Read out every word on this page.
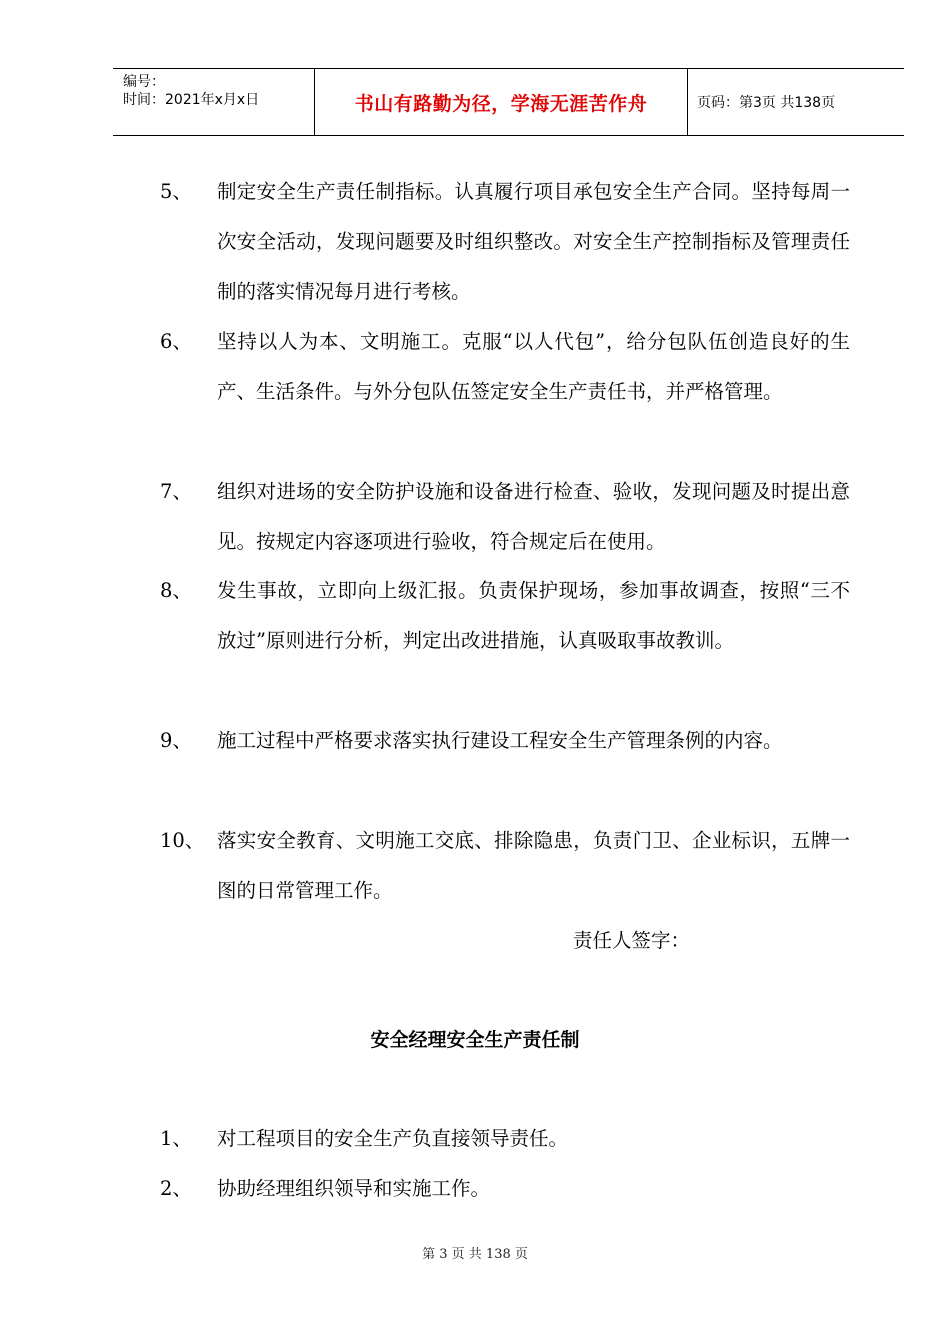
编号：
时间：2021年x月x日	书山有路勤为径，学海无涯苦作舟	页码：第3页 共138页
5、 制定安全生产责任制指标。认真履行项目承包安全生产合同。坚持每周一次安全活动，发现问题要及时组织整改。对安全生产控制指标及管理责任制的落实情况每月进行考核。
6、 坚持以人为本、文明施工。克服“以人代包”，给分包队伍创造良好的生产、生活条件。与外分包队伍签定安全生产责任书，并严格管理。
7、 组织对进场的安全防护设施和设备进行检查、验收，发现问题及时提出意见。按规定内容逐项进行验收，符合规定后在使用。
8、 发生事故，立即向上级汇报。负责保护现场，参加事故调查，按照“三不放过”原则进行分析，判定出改进措施，认真吸取事故教训。
9、 施工过程中严格要求落实执行建设工程安全生产管理条例的内容。
10、 落实安全教育、文明施工交底、排除隐患，负责门卫、企业标识，五牌一图的日常管理工作。
责任人签字：
安全经理安全生产责任制
1、 对工程项目的安全生产负直接领导责任。
2、 协助经理组织领导和实施工作。
第 3 页 共 138 页
